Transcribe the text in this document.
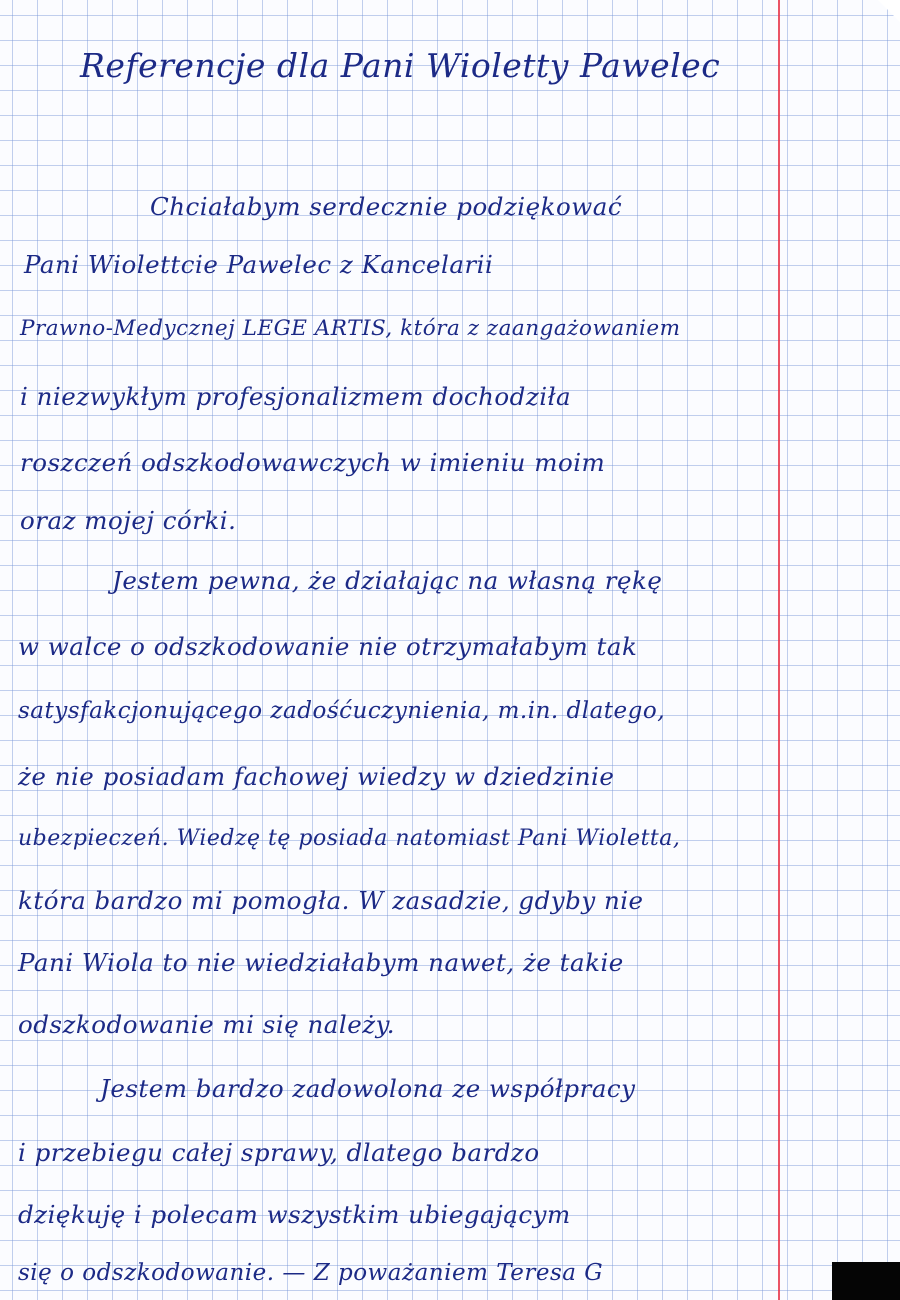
Referencje dla Pani Wioletty Pawelec
Chciałabym serdecznie podziękować
Pani Wiolettcie Pawelec z Kancelarii
Prawno-Medycznej LEGE ARTIS, która z zaangażowaniem
i niezwykłym profesjonalizmem dochodziła
roszczeń odszkodowawczych w imieniu moim
oraz mojej córki.
Jestem pewna, że działając na własną rękę
w walce o odszkodowanie nie otrzymałabym tak
satysfakcjonującego zadośćuczynienia, m.in. dlatego,
że nie posiadam fachowej wiedzy w dziedzinie
ubezpieczeń. Wiedzę tę posiada natomiast Pani Wioletta,
która bardzo mi pomogła. W zasadzie, gdyby nie
Pani Wiola to nie wiedziałabym nawet, że takie
odszkodowanie mi się należy.
Jestem bardzo zadowolona ze współpracy
i przebiegu całej sprawy, dlatego bardzo
dziękuję i polecam wszystkim ubiegającym
się o odszkodowanie. — Z poważaniem Teresa G
